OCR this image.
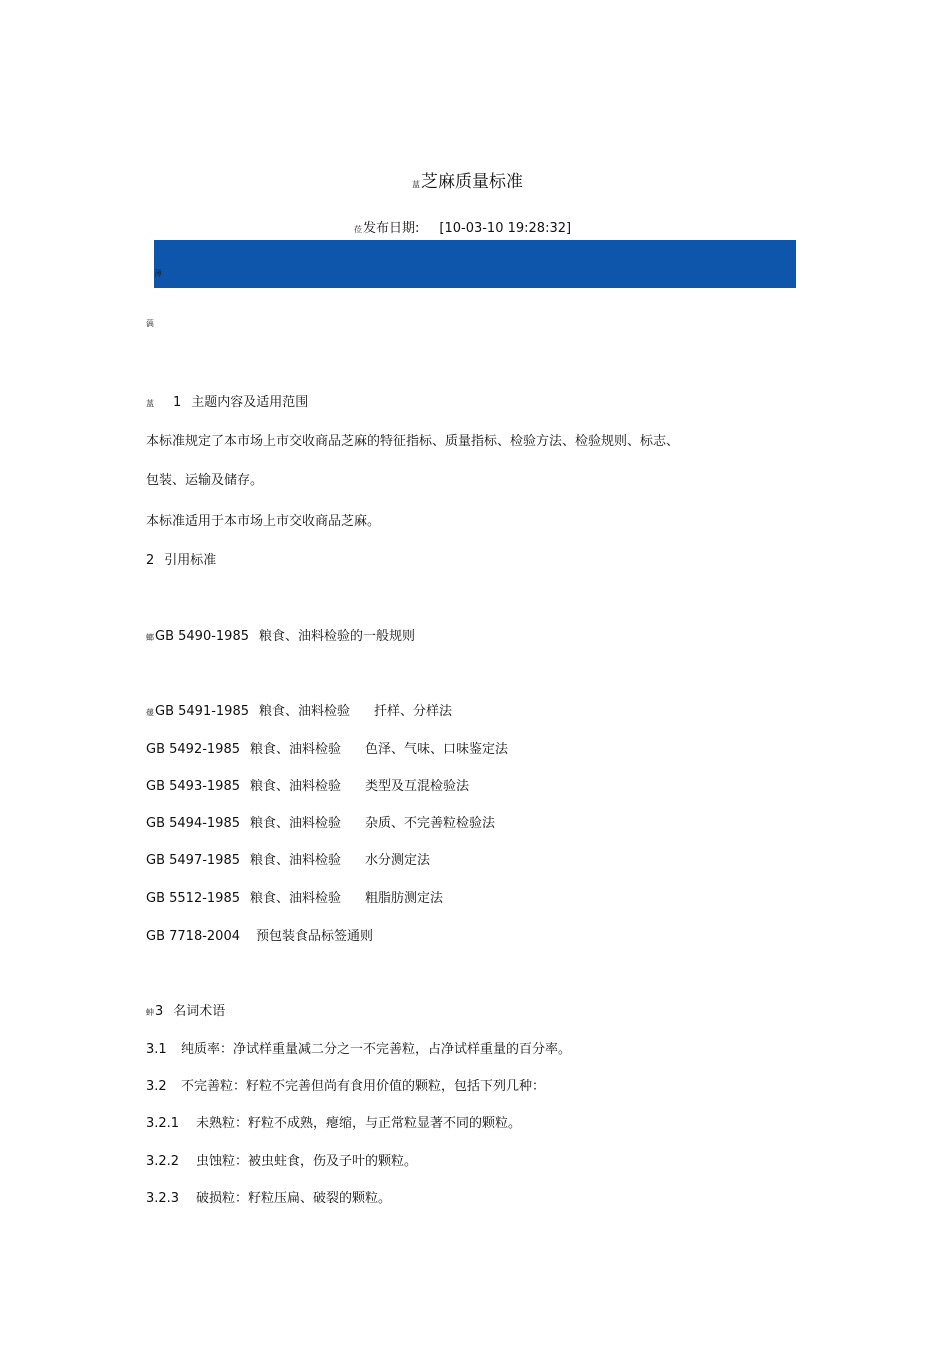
蒀芝麻质量标准
莅发布日期: [10-03-10 19:28:32]
薄
薃
蒕 1 主题内容及适用范围
本标准规定了本市场上市交收商品芝麻的特征指标、质量指标、检验方法、检验规则、标志、
包装、运输及储存。
本标准适用于本市场上市交收商品芝麻。
2 引用标准
螂GB 5490-1985 粮食、油料检验的一般规则
蕿GB 5491-1985 粮食、油料检验 扦样、分样法
GB 5492-1985 粮食、油料检验 色泽、气味、口味鉴定法
GB 5493-1985 粮食、油料检验 类型及互混检验法
GB 5494-1985 粮食、油料检验 杂质、不完善粒检验法
GB 5497-1985 粮食、油料检验 水分测定法
GB 5512-1985 粮食、油料检验 粗脂肪测定法
GB 7718-2004 预包装食品标签通则
蚛3 名词术语
3.1 纯质率：净试样重量减二分之一不完善粒，占净试样重量的百分率。
3.2 不完善粒：籽粒不完善但尚有食用价值的颗粒，包括下列几种：
3.2.1 未熟粒：籽粒不成熟，瘪缩，与正常粒显著不同的颗粒。
3.2.2 虫蚀粒：被虫蛀食，伤及子叶的颗粒。
3.2.3 破损粒：籽粒压扁、破裂的颗粒。
